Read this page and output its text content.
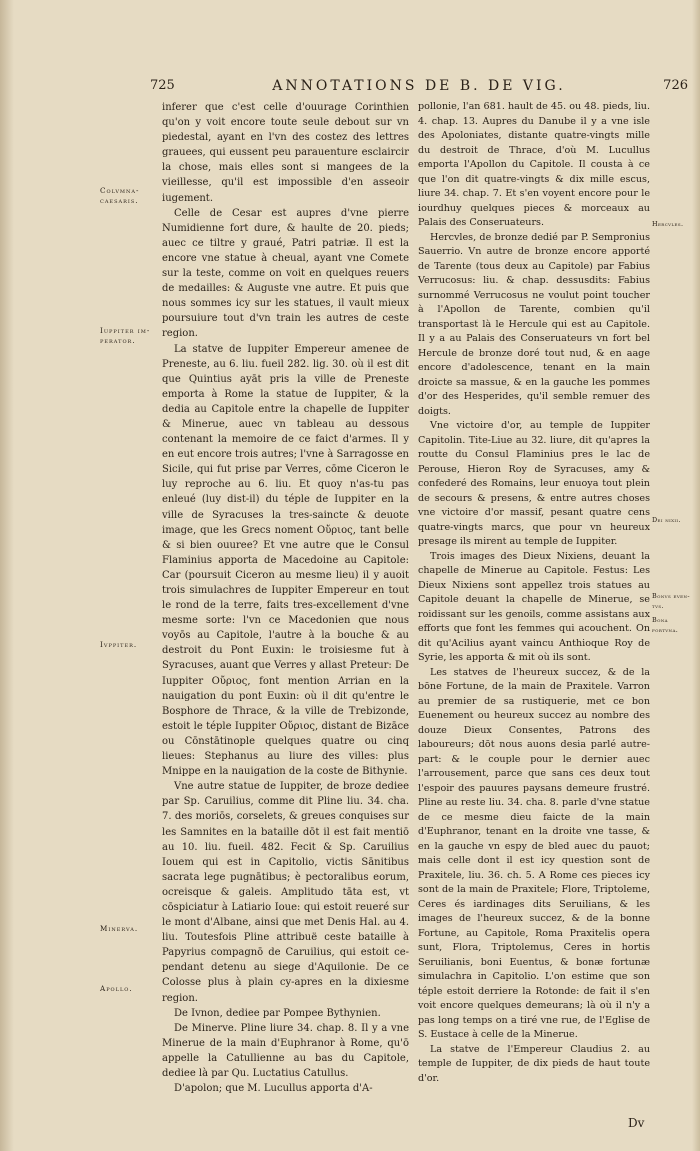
725	ANNOTATIONS DE B. DE VIG.	726
Colvmna-caesaris.
Iuppiter im-perator.
Ivppiter.
Minerva.
Apollo.
Hercvles.
Dei nixii.
Bonvs even-tvs.
Bona fortvna.

inferer que c'est celle d'ouurage Corinthien qu'on y voit encore toute seule debout sur vn piedestal, ayant en l'vn des costez des lettres grauees, qui eussent peu parauenture esclaircir la chose, mais elles sont si mangees de la vieillesse, qu'il est impossible d'en asseoir iugement.

Celle de Cesar est aupres d'vne pierre Numidienne fort dure, & haulte de 20. pieds; auec ce tiltre y graué, Patri patriæ. Il est la encore vne statue à cheual, ayant vne Comete sur la teste, comme on voit en quelques reuers de medailles: & Auguste vne autre. Et puis que nous sommes icy sur les statues, il vault mieux poursuiure tout d'vn train les autres de ceste region.

La statve de Iuppiter Empereur amenee de Preneste, au 6. liu. fueil 282. lig. 30. où il est dit que Quintius ayāt pris la ville de Preneste emporta à Rome la statue de Iuppiter, & la dedia au Capitole entre la chapelle de Iuppiter & Minerue, auec vn tableau au dessous contenant la memoire de ce faict d'armes. Il y en eut encore trois autres; l'vne à Sarragosse en Sicile, qui fut prise par Verres, cōme Ciceron le luy reproche au 6. liu. Et quoy n'as-tu pas enleué (luy dist-il) du téple de Iuppiter en la ville de Syracuses la tres-saincte & deuote image, que les Grecs noment Οὔριος, tant belle & si bien ouuree? Et vne autre que le Consul Flaminius apporta de Macedoine au Capitole: Car (poursuit Ciceron au mesme lieu) il y auoit trois simulachres de Iuppiter Empereur en tout le rond de la terre, faits tres-excellement d'vne mesme sorte: l'vn ce Macedonien que nous voyōs au Capitole, l'autre à la bouche & au destroit du Pont Euxin: le troisiesme fut à Syracuses, auant que Verres y allast Preteur: De Iuppiter Οὔριος, font mention Arrian en la nauigation du pont Euxin: où il dit qu'entre le Bosphore de Thrace, & la ville de Trebizonde, estoit le téple Iuppiter Οὔριος, distant de Bizāce ou Cōnstātinople quelques quatre ou cinq lieues: Stephanus au liure des villes: plus Mnippe en la nauigation de la coste de Bithynie.

Vne autre statue de Iuppiter, de broze dediee par Sp. Caruilius, comme dit Pline liu. 34. cha. 7. des moriōs, corselets, & greues conquises sur les Samnites en la bataille dōt il est fait mentiō au 10. liu. fueil. 482. Fecit & Sp. Caruilius Iouem qui est in Capitolio, victis Sānitibus sacrata lege pugnātibus; è pectoralibus eorum, ocreisque & galeis. Amplitudo tāta est, vt cōspiciatur à Latiario Ioue: qui estoit reueré sur le mont d'Albane, ainsi que met Denis Hal. au 4. liu. Toutesfois Pline attribuë ceste bataille à Papyrius compagnō de Caruilius, qui estoit ce-pendant detenu au siege d'Aquilonie. De ce Colosse plus à plain cy-apres en la dixiesme region.

De Ivnon, dediee par Pompee Bythynien.

De Minerve. Pline liure 34. chap. 8. Il y a vne Minerue de la main d'Euphranor à Rome, qu'ō appelle la Catullienne au bas du Capitole, dediee là par Qu. Luctatius Catullus.

D'apolon; que M. Lucullus apporta d'A-

pollonie, l'an 681. hault de 45. ou 48. pieds, liu. 4. chap. 13. Aupres du Danube il y a vne isle des Apoloniates, distante quatre-vingts mille du destroit de Thrace, d'où M. Lucullus emporta l'Apollon du Capitole. Il cousta à ce que l'on dit quatre-vingts & dix mille escus, liure 34. chap. 7. Et s'en voyent encore pour le iourdhuy quelques pieces & morceaux au Palais des Conseruateurs.

Hercvles, de bronze dedié par P. Sempronius Sauerrio. Vn autre de bronze encore apporté de Tarente (tous deux au Capitole) par Fabius Verrucosus: liu. & chap. dessusdits: Fabius surnommé Verrucosus ne voulut point toucher à l'Apollon de Tarente, combien qu'il transportast là le Hercule qui est au Capitole. Il y a au Palais des Conseruateurs vn fort bel Hercule de bronze doré tout nud, & en aage encore d'adolescence, tenant en la main droicte sa massue, & en la gauche les pommes d'or des Hesperides, qu'il semble remuer des doigts.

Vne victoire d'or, au temple de Iuppiter Capitolin. Tite-Liue au 32. liure, dit qu'apres la routte du Consul Flaminius pres le lac de Perouse, Hieron Roy de Syracuses, amy & confederé des Romains, leur enuoya tout plein de secours & presens, & entre autres choses vne victoire d'or massif, pesant quatre cens quatre-vingts marcs, que pour vn heureux presage ils mirent au temple de Iuppiter.

Trois images des Dieux Nixiens, deuant la chapelle de Minerue au Capitole. Festus: Les Dieux Nixiens sont appellez trois statues au Capitole deuant la chapelle de Minerue, se roidissant sur les genoils, comme assistans aux efforts que font les femmes qui acouchent. On dit qu'Acilius ayant vaincu Anthioque Roy de Syrie, les apporta & mit où ils sont.

Les statves de l'heureux succez, & de la bōne Fortune, de la main de Praxitele. Varron au premier de sa rustiquerie, met ce bon Euenement ou heureux succez au nombre des douze Dieux Consentes, Patrons des laboureurs; dōt nous auons desia parlé autre-part: & le couple pour le dernier auec l'arrousement, parce que sans ces deux tout l'espoir des pauures paysans demeure frustré. Pline au reste liu. 34. cha. 8. parle d'vne statue de ce mesme dieu faicte de la main d'Euphranor, tenant en la droite vne tasse, & en la gauche vn espy de bled auec du pauot; mais celle dont il est icy question sont de Praxitele, liu. 36. ch. 5. A Rome ces pieces icy sont de la main de Praxitele; Flore, Triptoleme, Ceres és iardinages dits Seruilians, & les images de l'heureux succez, & de la bonne Fortune, au Capitole, Roma Praxitelis opera sunt, Flora, Triptolemus, Ceres in hortis Seruilianis, boni Euentus, & bonæ fortunæ simulachra in Capitolio. L'on estime que son téple estoit derriere la Rotonde: de fait il s'en voit encore quelques demeurans; là où il n'y a pas long temps on a tiré vne rue, de l'Eglise de S. Eustace à celle de la Minerue.

La statve de l'Empereur Claudius 2. au temple de Iuppiter, de dix pieds de haut toute d'or.

Dv
